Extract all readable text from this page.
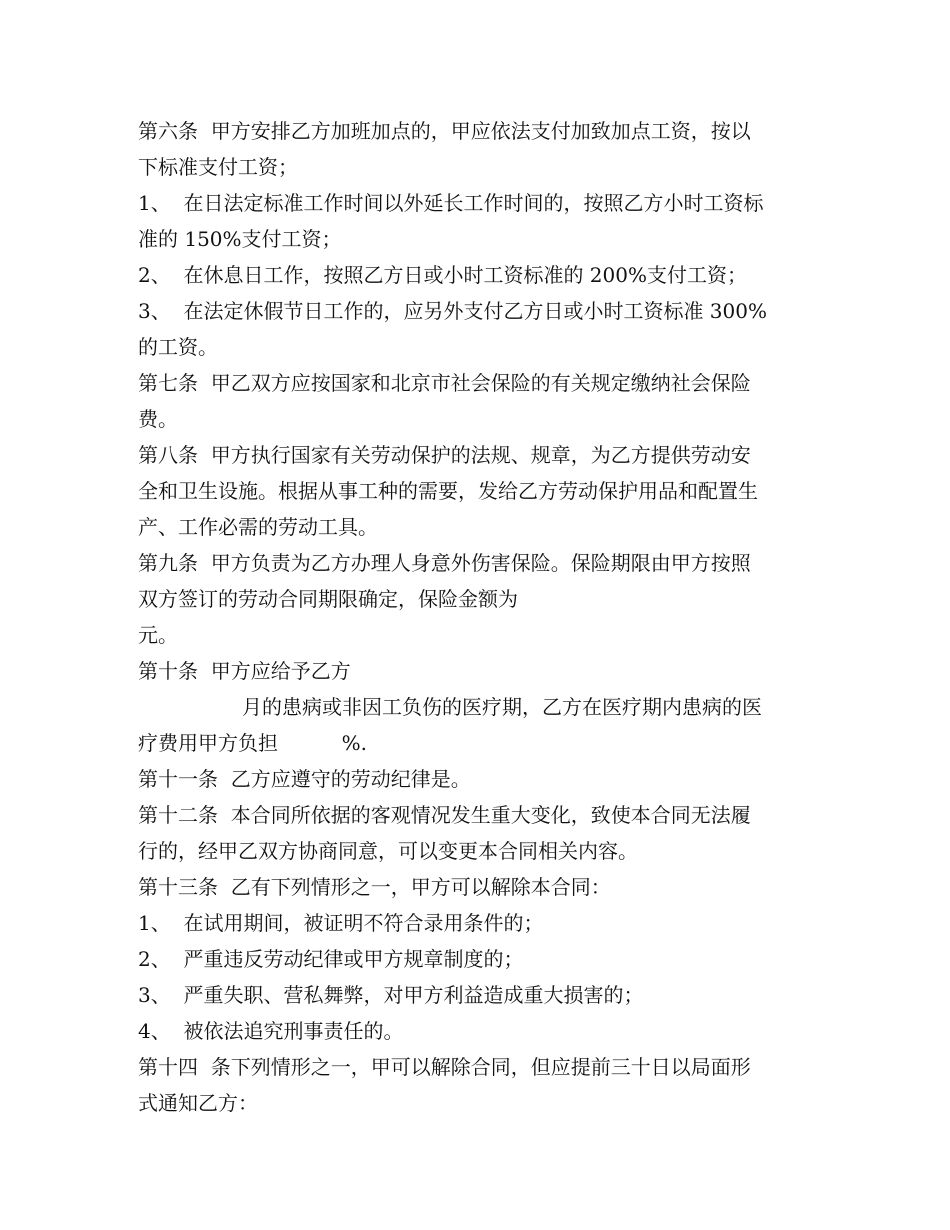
第六条  甲方安排乙方加班加点的，甲应依法支付加致加点工资，按以

下标准支付工资；

1、  在日法定标准工作时间以外延长工作时间的，按照乙方小时工资标

准的 150%支付工资；

2、  在休息日工作，按照乙方日或小时工资标准的 200%支付工资；

3、  在法定休假节日工作的，应另外支付乙方日或小时工资标准 300%

的工资。

第七条  甲乙双方应按国家和北京市社会保险的有关规定缴纳社会保险

费。

第八条  甲方执行国家有关劳动保护的法规、规章，为乙方提供劳动安

全和卫生设施。根据从事工种的需要，发给乙方劳动保护用品和配置生

产、工作必需的劳动工具。

第九条  甲方负责为乙方办理人身意外伤害保险。保险期限由甲方按照

双方签订的劳动合同期限确定，保险金额为

元。

第十条  甲方应给予乙方

月的患病或非因工负伤的医疗期，乙方在医疗期内患病的医

疗费用甲方负担          %.

第十一条  乙方应遵守的劳动纪律是。

第十二条  本合同所依据的客观情况发生重大变化，致使本合同无法履

行的，经甲乙双方协商同意，可以变更本合同相关内容。

第十三条  乙有下列情形之一，甲方可以解除本合同：

1、  在试用期间，被证明不符合录用条件的；

2、  严重违反劳动纪律或甲方规章制度的；

3、  严重失职、营私舞弊，对甲方利益造成重大损害的；

4、  被依法追究刑事责任的。

第十四  条下列情形之一，甲可以解除合同，但应提前三十日以局面形

式通知乙方：
